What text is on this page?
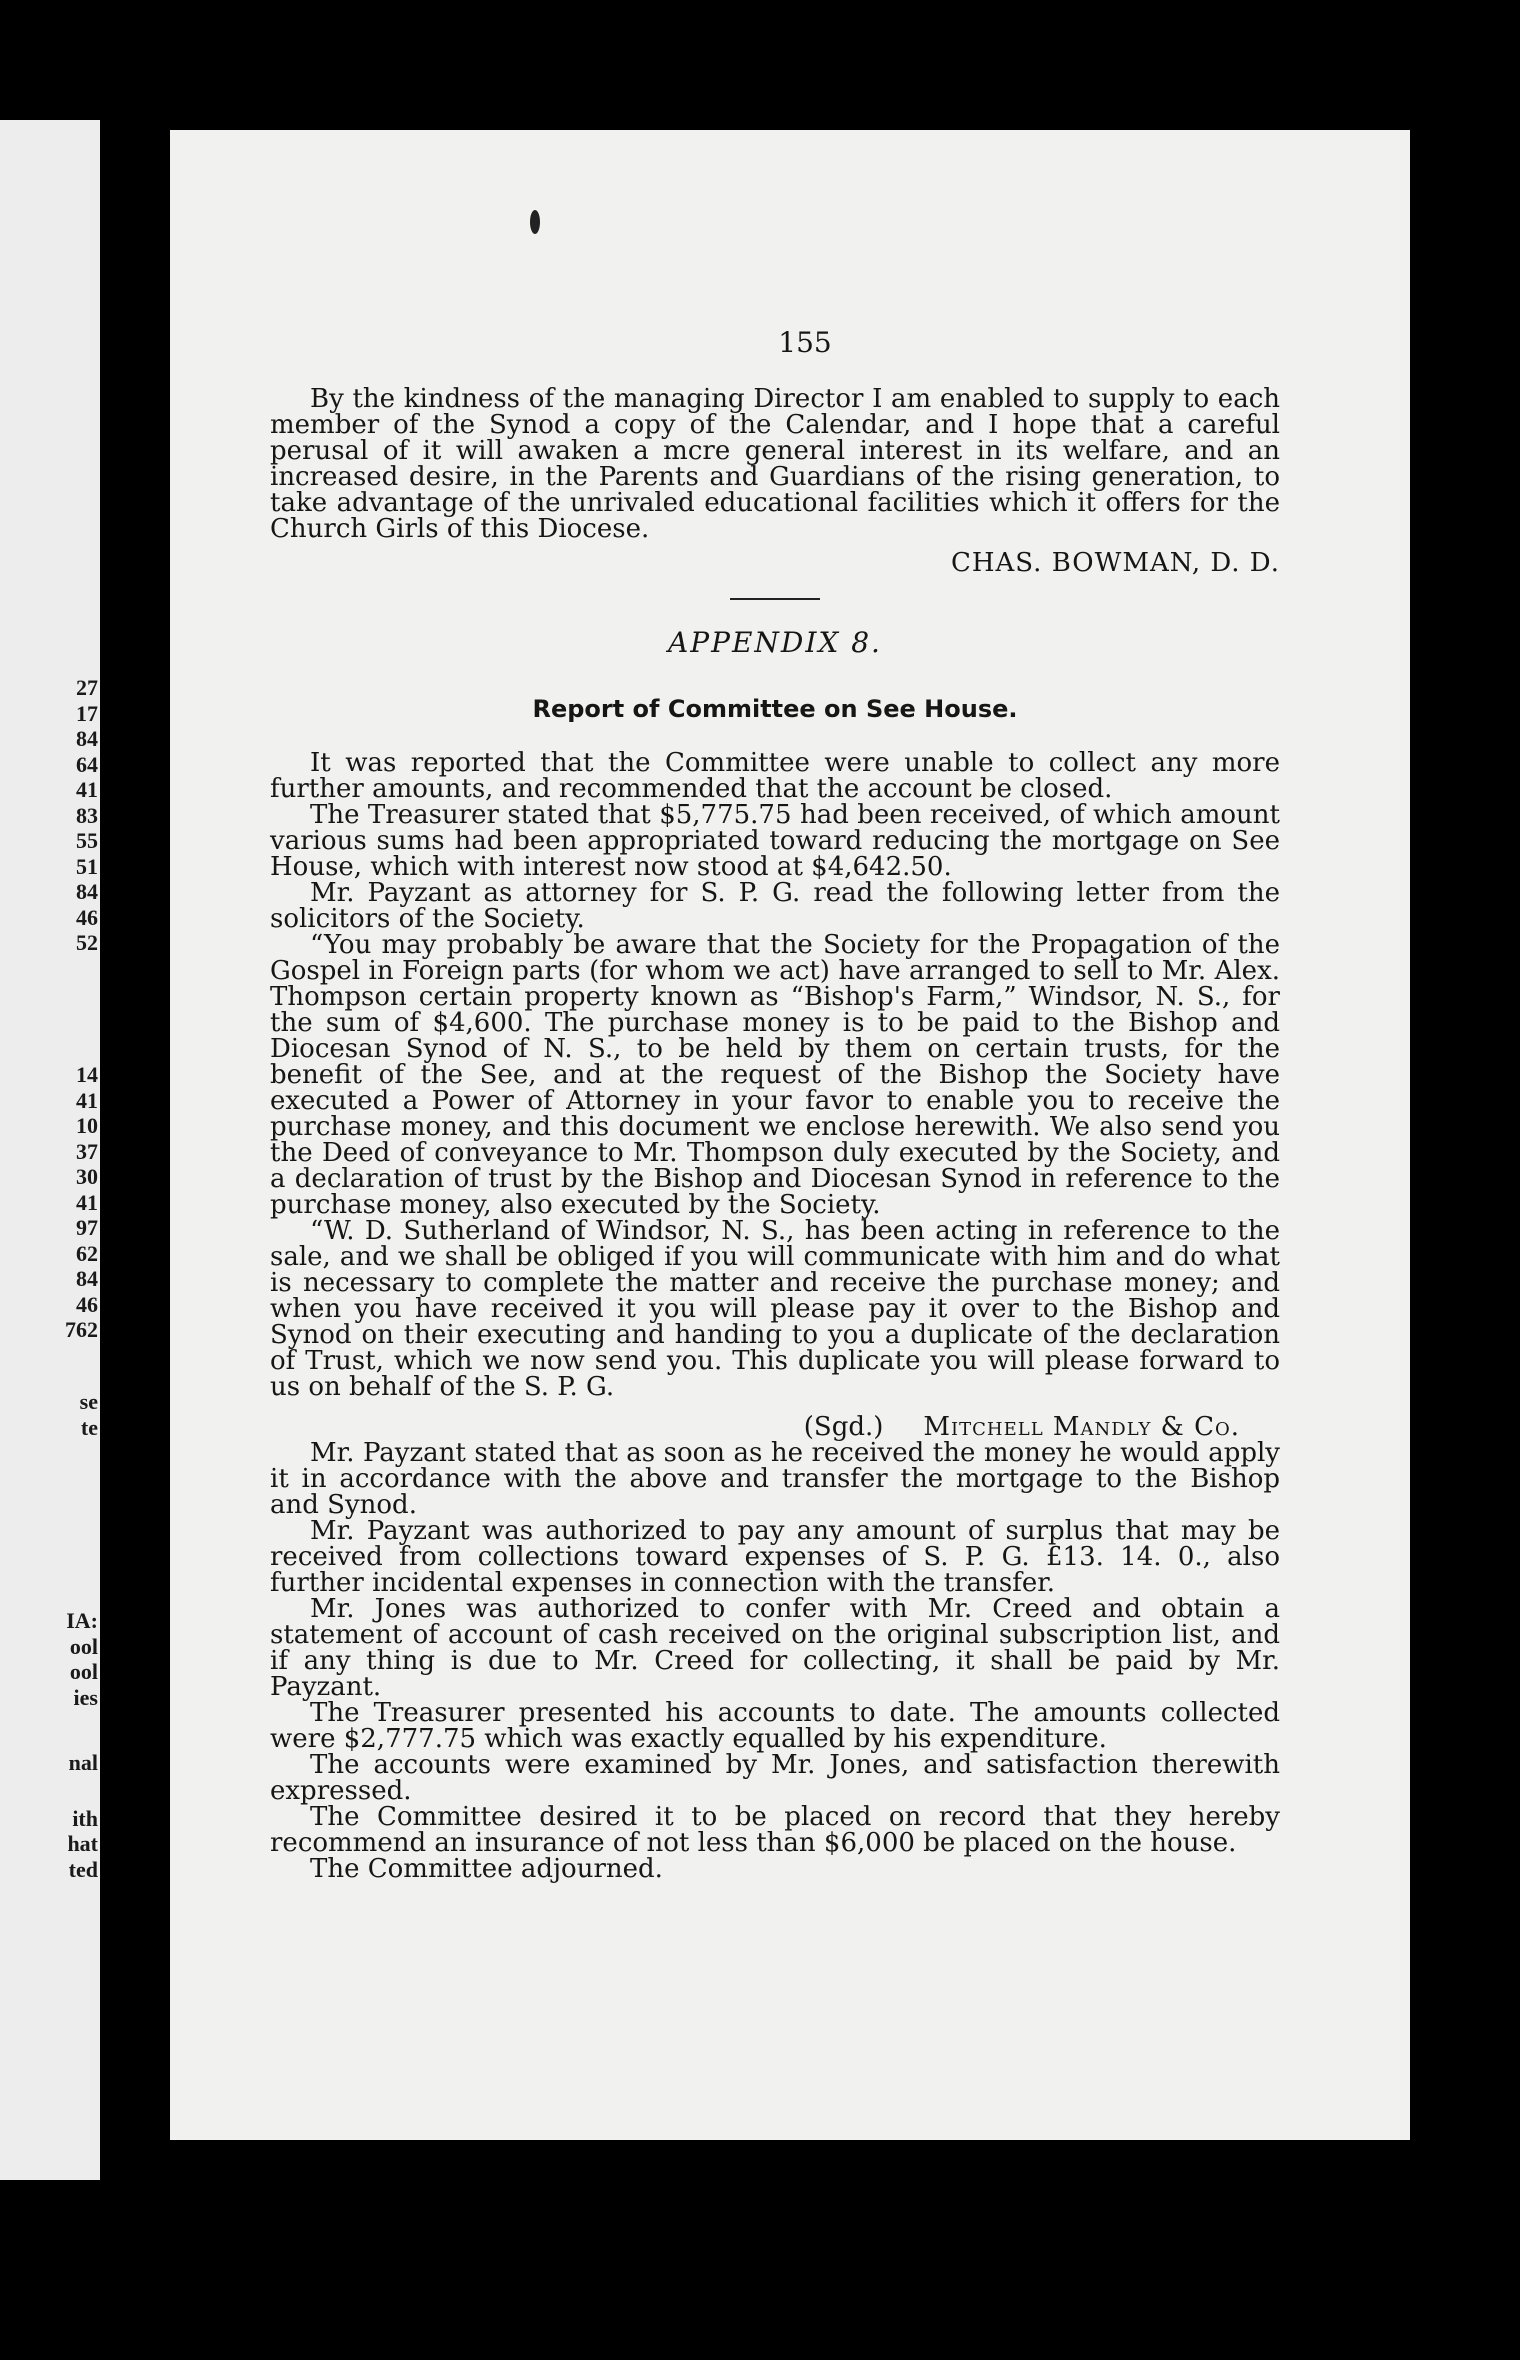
27
17
84
64
41
83
55
51
84
46
52
14
41
10
37
30
41
97
62
84
46
762
se
te
IA:
ool
ool
ies
nal
ith
hat
ted
155

By the kindness of the managing Director I am enabled to supply to each member of the Synod a copy of the Calendar, and I hope that a careful perusal of it will awaken a mcre general interest in its welfare, and an increased desire, in the Parents and Guardians of the rising generation, to take advantage of the unrivaled educational facilities which it offers for the Church Girls of this Diocese.

CHAS. BOWMAN, D. D.
APPENDIX 8.
Report of Committee on See House.

It was reported that the Committee were unable to collect any more further amounts, and recommended that the account be closed.

The Treasurer stated that $5,775.75 had been received, of which amount various sums had been appropriated toward reducing the mortgage on See House, which with interest now stood at $4,642.50.

Mr. Payzant as attorney for S. P. G. read the following letter from the solicitors of the Society.

“You may probably be aware that the Society for the Propagation of the Gospel in Foreign parts (for whom we act) have arranged to sell to Mr. Alex. Thompson certain property known as “Bishop's Farm,” Windsor, N. S., for the sum of $4,600. The purchase money is to be paid to the Bishop and Diocesan Synod of N. S., to be held by them on certain trusts, for the benefit of the See, and at the request of the Bishop the Society have executed a Power of Attorney in your favor to enable you to receive the purchase money, and this document we enclose herewith. We also send you the Deed of conveyance to Mr. Thompson duly executed by the Society, and a declaration of trust by the Bishop and Diocesan Synod in reference to the purchase money, also executed by the Society.

“W. D. Sutherland of Windsor, N. S., has been acting in reference to the sale, and we shall be obliged if you will communicate with him and do what is necessary to complete the matter and receive the purchase money; and when you have received it you will please pay it over to the Bishop and Synod on their executing and handing to you a duplicate of the declaration of Trust, which we now send you. This duplicate you will please forward to us on behalf of the S. P. G.

(Sgd.) Mitchell Mandly & Co.

Mr. Payzant stated that as soon as he received the money he would apply it in accordance with the above and transfer the mortgage to the Bishop and Synod.

Mr. Payzant was authorized to pay any amount of surplus that may be received from collections toward expenses of S. P. G. £13. 14. 0., also further incidental expenses in connection with the transfer.

Mr. Jones was authorized to confer with Mr. Creed and obtain a statement of account of cash received on the original subscription list, and if any thing is due to Mr. Creed for collecting, it shall be paid by Mr. Payzant.

The Treasurer presented his accounts to date. The amounts collected were $2,777.75 which was exactly equalled by his expenditure.

The accounts were examined by Mr. Jones, and satisfaction therewith expressed.

The Committee desired it to be placed on record that they hereby recommend an insurance of not less than $6,000 be placed on the house.

The Committee adjourned.
